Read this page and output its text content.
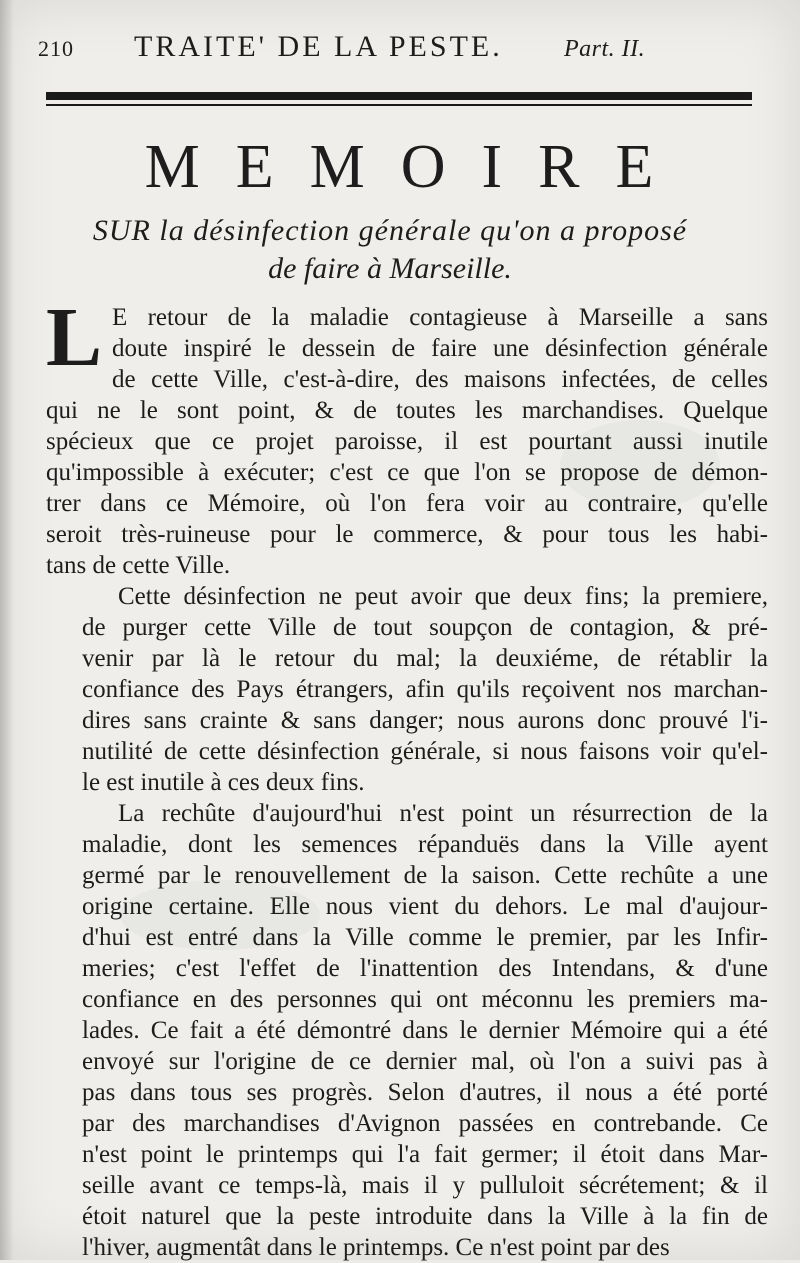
210 TRAITE' DE LA PESTE.	Part. II.
MEMOIRE
SUR la désinfection générale qu'on a proposé
de faire à Marseille.

L E retour de la maladie contagieuse à Marseille a sans
doute inspiré le dessein de faire une désinfection générale
de cette Ville, c'est-à-dire, des maisons infectées, de celles
qui ne le sont point, & de toutes les marchandises. Quelque
spécieux que ce projet paroisse, il est pourtant aussi inutile
qu'impossible à exécuter; c'est ce que l'on se propose de démon-
trer dans ce Mémoire, où l'on fera voir au contraire, qu'elle
seroit très-ruineuse pour le commerce, & pour tous les habi-
tans de cette Ville.

Cette désinfection ne peut avoir que deux fins; la premiere,
de purger cette Ville de tout soupçon de contagion, & pré-
venir par là le retour du mal; la deuxiéme, de rétablir la
confiance des Pays étrangers, afin qu'ils reçoivent nos marchan-
dires sans crainte & sans danger; nous aurons donc prouvé l'i-
nutilité de cette désinfection générale, si nous faisons voir qu'el-
le est inutile à ces deux fins.

La rechûte d'aujourd'hui n'est point un résurrection de la
maladie, dont les semences répanduës dans la Ville ayent
germé par le renouvellement de la saison. Cette rechûte a une
origine certaine. Elle nous vient du dehors. Le mal d'aujour-
d'hui est entré dans la Ville comme le premier, par les Infir-
meries; c'est l'effet de l'inattention des Intendans, & d'une
confiance en des personnes qui ont méconnu les premiers ma-
lades. Ce fait a été démontré dans le dernier Mémoire qui a été
envoyé sur l'origine de ce dernier mal, où l'on a suivi pas à
pas dans tous ses progrès. Selon d'autres, il nous a été porté
par des marchandises d'Avignon passées en contrebande. Ce
n'est point le printemps qui l'a fait germer; il étoit dans Mar-
seille avant ce temps-là, mais il y pulluloit sécrétement; & il
étoit naturel que la peste introduite dans la Ville à la fin de
l'hiver, augmentât dans le printemps. Ce n'est point par des
